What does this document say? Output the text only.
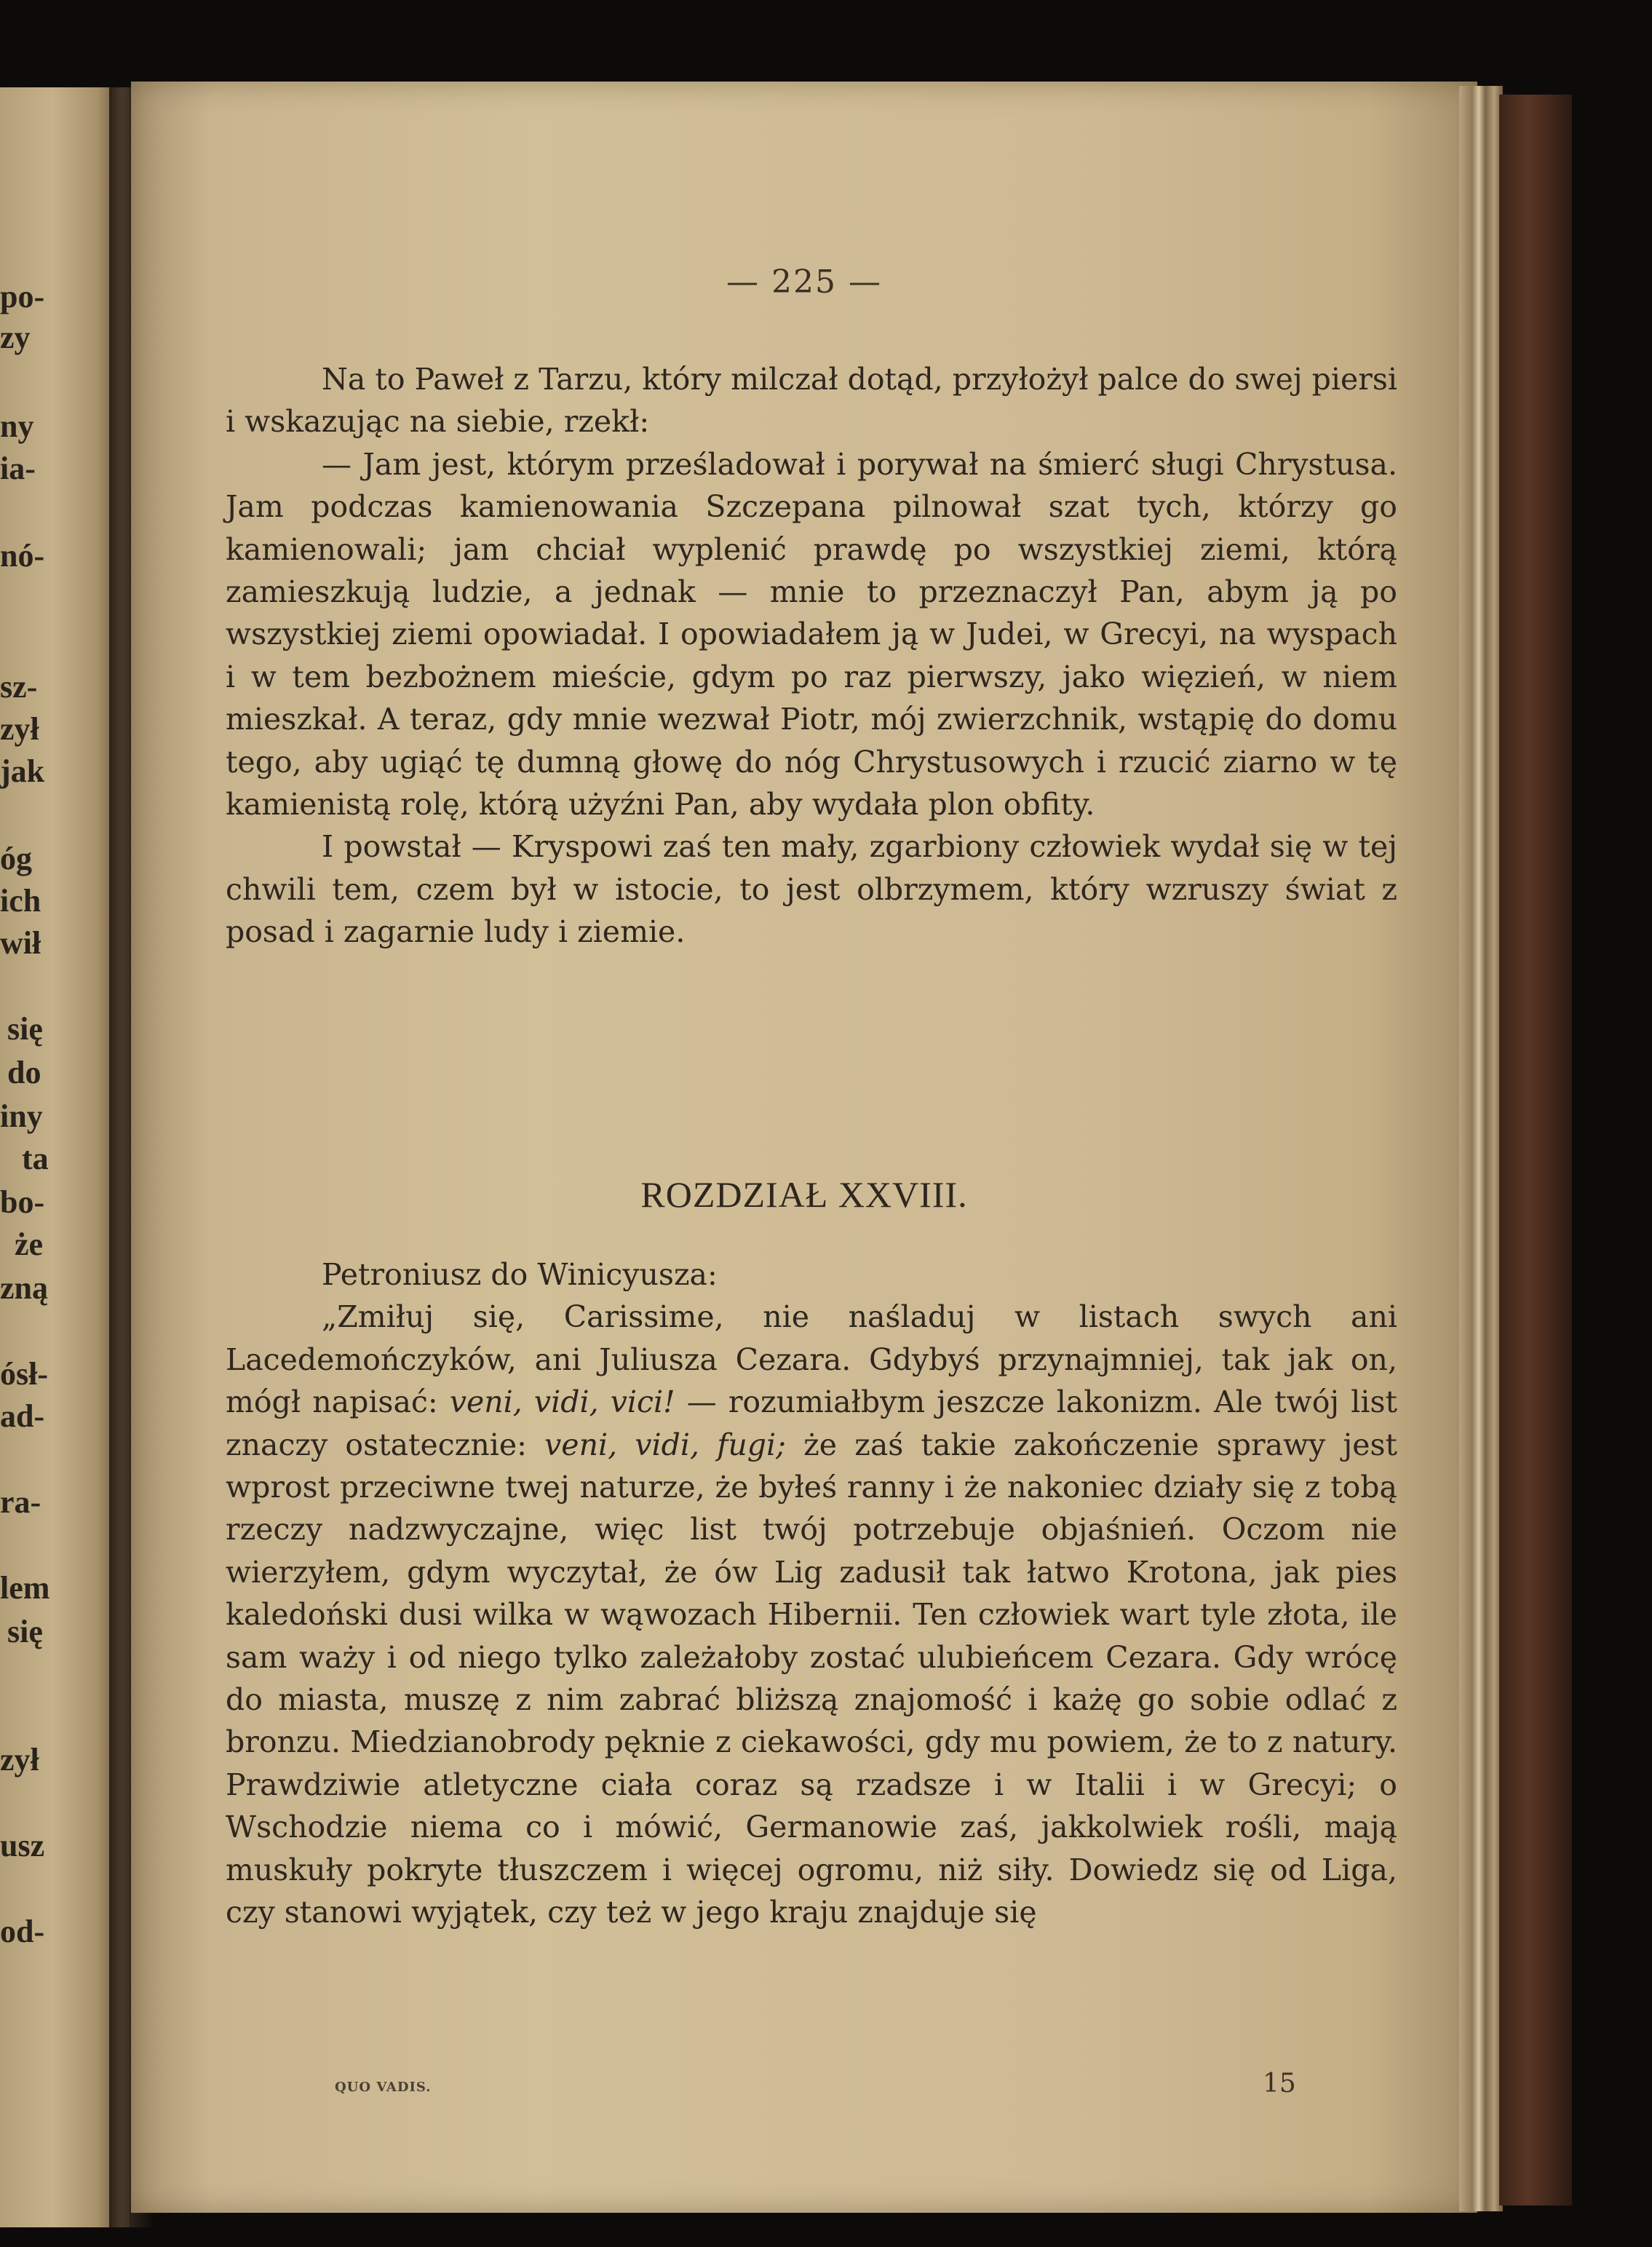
po-
zy
ny
ia-
nó-
sz-
zył
jak
óg
ich
wił
się
do
iny
ta
bo-
że
zną
ósł-
ad-
ra-
lem
się
zył
usz
od-
— 225 —

Na to Paweł z Tarzu, który milczał dotąd, przyłożył palce do swej piersi i wskazując na siebie, rzekł:

— Jam jest, którym prześladował i porywał na śmierć sługi Chrystusa. Jam podczas kamienowania Szczepana pilnował szat tych, którzy go kamienowali; jam chciał wyplenić prawdę po wszystkiej ziemi, którą zamieszkują ludzie, a jednak — mnie to przeznaczył Pan, abym ją po wszystkiej ziemi opowiadał. I opowiadałem ją w Judei, w Grecyi, na wyspach i w tem bezbożnem mieście, gdym po raz pierwszy, jako więzień, w niem mieszkał. A teraz, gdy mnie wezwał Piotr, mój zwierzchnik, wstąpię do domu tego, aby ugiąć tę dumną głowę do nóg Chrystusowych i rzucić ziarno w tę kamienistą rolę, którą użyźni Pan, aby wydała plon obfity.

I powstał — Kryspowi zaś ten mały, zgarbiony człowiek wydał się w tej chwili tem, czem był w istocie, to jest olbrzymem, który wzruszy świat z posad i zagarnie ludy i ziemie.

ROZDZIAŁ XXVIII.

Petroniusz do Winicyusza:

„Zmiłuj się, Carissime, nie naśladuj w listach swych ani Lacedemończyków, ani Juliusza Cezara. Gdybyś przynajmniej, tak jak on, mógł napisać: veni, vidi, vici! — rozumiałbym jeszcze lakonizm. Ale twój list znaczy ostatecznie: veni, vidi, fugi; że zaś takie zakończenie sprawy jest wprost przeciwne twej naturze, że byłeś ranny i że nakoniec działy się z tobą rzeczy nadzwyczajne, więc list twój potrzebuje objaśnień. Oczom nie wierzyłem, gdym wyczytał, że ów Lig zadusił tak łatwo Krotona, jak pies kaledoński dusi wilka w wąwozach Hibernii. Ten człowiek wart tyle złota, ile sam waży i od niego tylko zależałoby zostać ulubieńcem Cezara. Gdy wrócę do miasta, muszę z nim zabrać bliższą znajomość i każę go sobie odlać z bronzu. Miedzianobrody pęknie z ciekawości, gdy mu powiem, że to z natury. Prawdziwie atletyczne ciała coraz są rzadsze i w Italii i w Grecyi; o Wschodzie niema co i mówić, Germanowie zaś, jakkolwiek rośli, mają muskuły pokryte tłuszczem i więcej ogromu, niż siły. Dowiedz się od Liga, czy stanowi wyjątek, czy też w jego kraju znajduje się

QUO VADIS.	15
